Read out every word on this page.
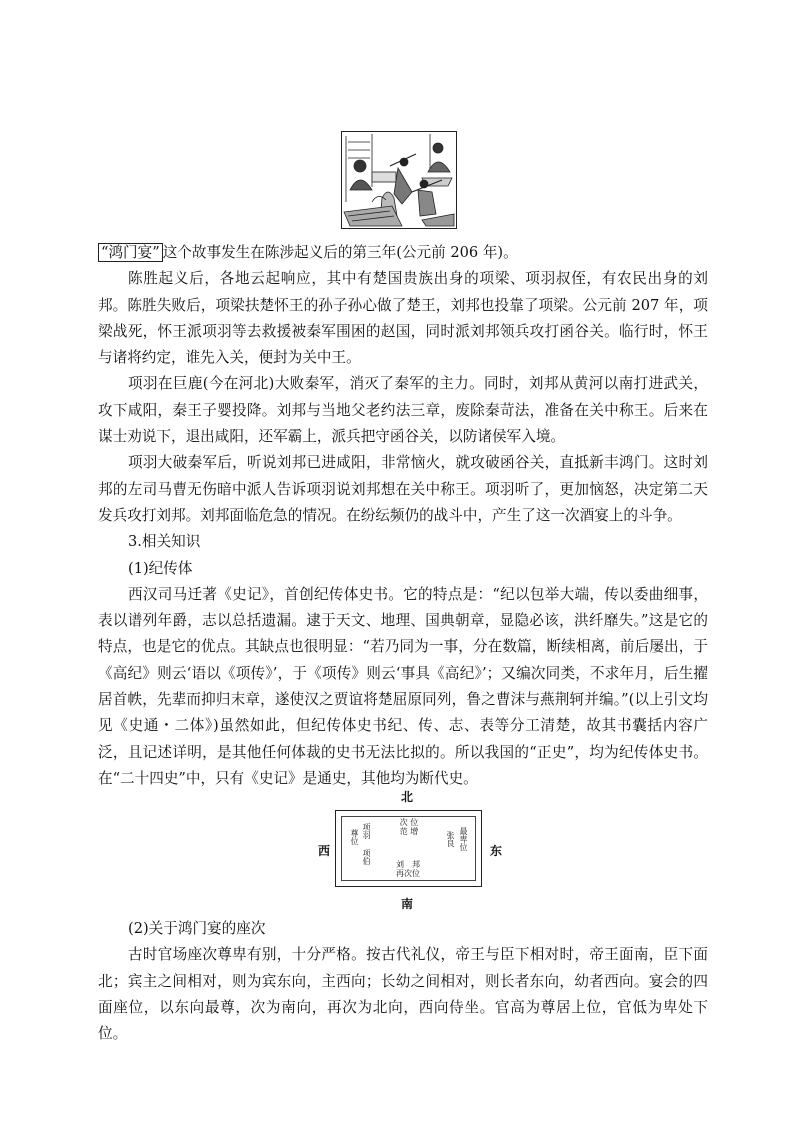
“鸿门宴” 这个故事发生在陈涉起义后的第三年(公元前 206 年)。

陈胜起义后，各地云起响应，其中有楚国贵族出身的项梁、项羽叔侄，有农民出身的刘邦。陈胜失败后，项梁扶楚怀王的孙子孙心做了楚王，刘邦也投靠了项梁。公元前 207 年，项梁战死，怀王派项羽等去救援被秦军围困的赵国，同时派刘邦领兵攻打函谷关。临行时，怀王与诸将约定，谁先入关，便封为关中王。

项羽在巨鹿(今在河北)大败秦军，消灭了秦军的主力。同时，刘邦从黄河以南打进武关，攻下咸阳，秦王子婴投降。刘邦与当地父老约法三章，废除秦苛法，准备在关中称王。后来在谋士劝说下，退出咸阳，还军霸上，派兵把守函谷关，以防诸侯军入境。

项羽大破秦军后，听说刘邦已进咸阳，非常恼火，就攻破函谷关，直抵新丰鸿门。这时刘邦的左司马曹无伤暗中派人告诉项羽说刘邦想在关中称王。项羽听了，更加恼怒，决定第二天发兵攻打刘邦。刘邦面临危急的情况。在纷纭频仍的战斗中，产生了这一次酒宴上的斗争。

3.相关知识

(1)纪传体

西汉司马迁著《史记》，首创纪传体史书。它的特点是：“纪以包举大端，传以委曲细事，表以谱列年爵，志以总括遗漏。逮于天文、地理、国典朝章，显隐必该，洪纤靡失。”这是它的特点，也是它的优点。其缺点也很明显：“若乃同为一事，分在数篇，断续相离，前后屡出，于《高纪》则云‘语以《项传》’，于《项传》则云‘事具《高纪》’；又编次同类，不求年月，后生擢居首帙，先辈而抑归末章，遂使汉之贾谊将楚屈原同列，鲁之曹沫与燕荆轲并编。”(以上引文均见《史通・二体》)虽然如此，但纪传体史书纪、传、志、表等分工清楚，故其书囊括内容广泛，且记述详明，是其他任何体裁的史书无法比拟的。所以我国的“正史”，均为纪传体史书。在“二十四史”中，只有《史记》是通史，其他均为断代史。

北
南
西	东
次 位
范 增
尊位 项羽
项伯
张良 最卑位
刘　邦
再次位

(2)关于鸿门宴的座次

古时官场座次尊卑有别，十分严格。按古代礼仪，帝王与臣下相对时，帝王面南，臣下面北；宾主之间相对，则为宾东向，主西向；长幼之间相对，则长者东向，幼者西向。宴会的四面座位，以东向最尊，次为南向，再次为北向，西向侍坐。官高为尊居上位，官低为卑处下位。
